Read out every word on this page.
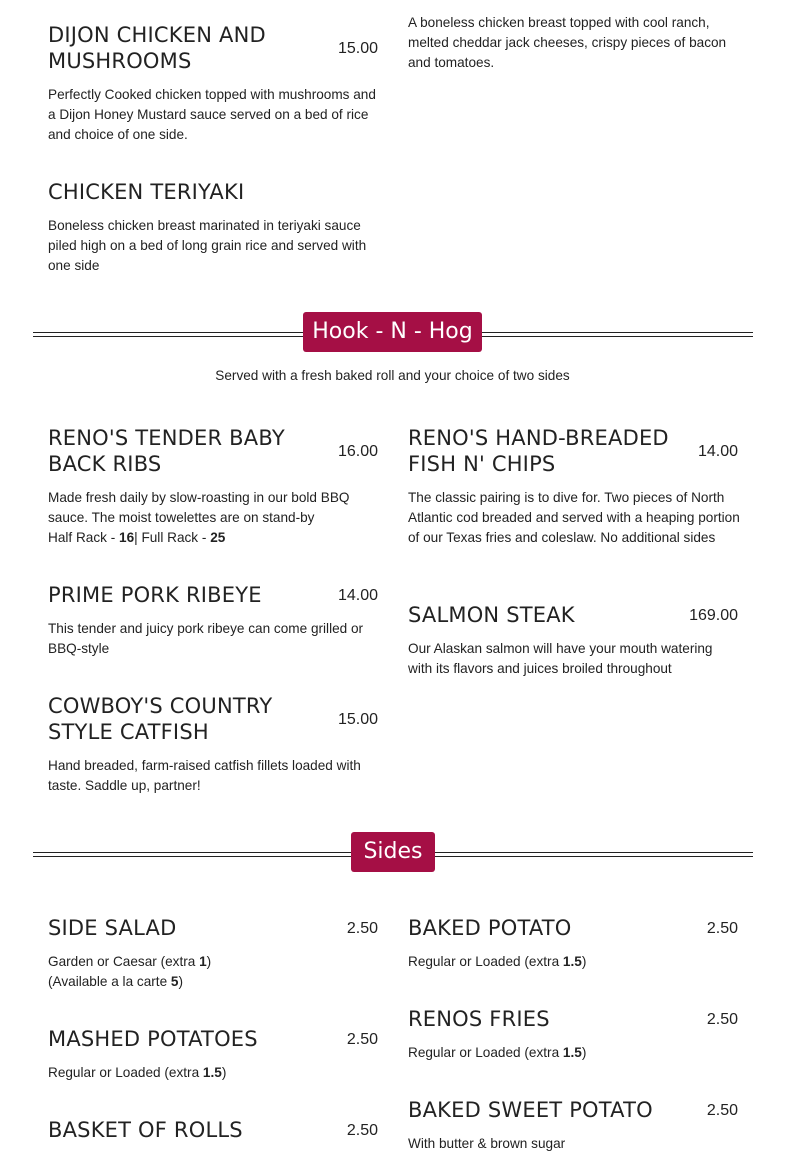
A boneless chicken breast topped with cool ranch, melted cheddar jack cheeses, crispy pieces of bacon and tomatoes.
DIJON CHICKEN AND MUSHROOMS
15.00
Perfectly Cooked chicken topped with mushrooms and a Dijon Honey Mustard sauce served on a bed of rice and choice of one side.
CHICKEN TERIYAKI
Boneless chicken breast marinated in teriyaki sauce piled high on a bed of long grain rice and served with one side
Hook - N - Hog
Served with a fresh baked roll and your choice of two sides
RENO'S TENDER BABY BACK RIBS
16.00
Made fresh daily by slow-roasting in our bold BBQ sauce. The moist towelettes are on stand-by
Half Rack - 16| Full Rack - 25
RENO'S HAND-BREADED FISH N' CHIPS
14.00
The classic pairing is to dive for. Two pieces of North Atlantic cod breaded and served with a heaping portion of our Texas fries and coleslaw. No additional sides
PRIME PORK RIBEYE	14.00
This tender and juicy pork ribeye can come grilled or BBQ-style
SALMON STEAK	169.00
Our Alaskan salmon will have your mouth watering with its flavors and juices broiled throughout
COWBOY'S COUNTRY STYLE CATFISH
15.00
Hand breaded, farm-raised catfish fillets loaded with taste. Saddle up, partner!
Sides
SIDE SALAD	2.50
Garden or Caesar (extra 1)
(Available a la carte 5)
BAKED POTATO	2.50
Regular or Loaded (extra 1.5)
MASHED POTATOES	2.50
Regular or Loaded (extra 1.5)
RENOS FRIES	2.50
Regular or Loaded (extra 1.5)
BASKET OF ROLLS	2.50
BAKED SWEET POTATO	2.50
With butter & brown sugar
